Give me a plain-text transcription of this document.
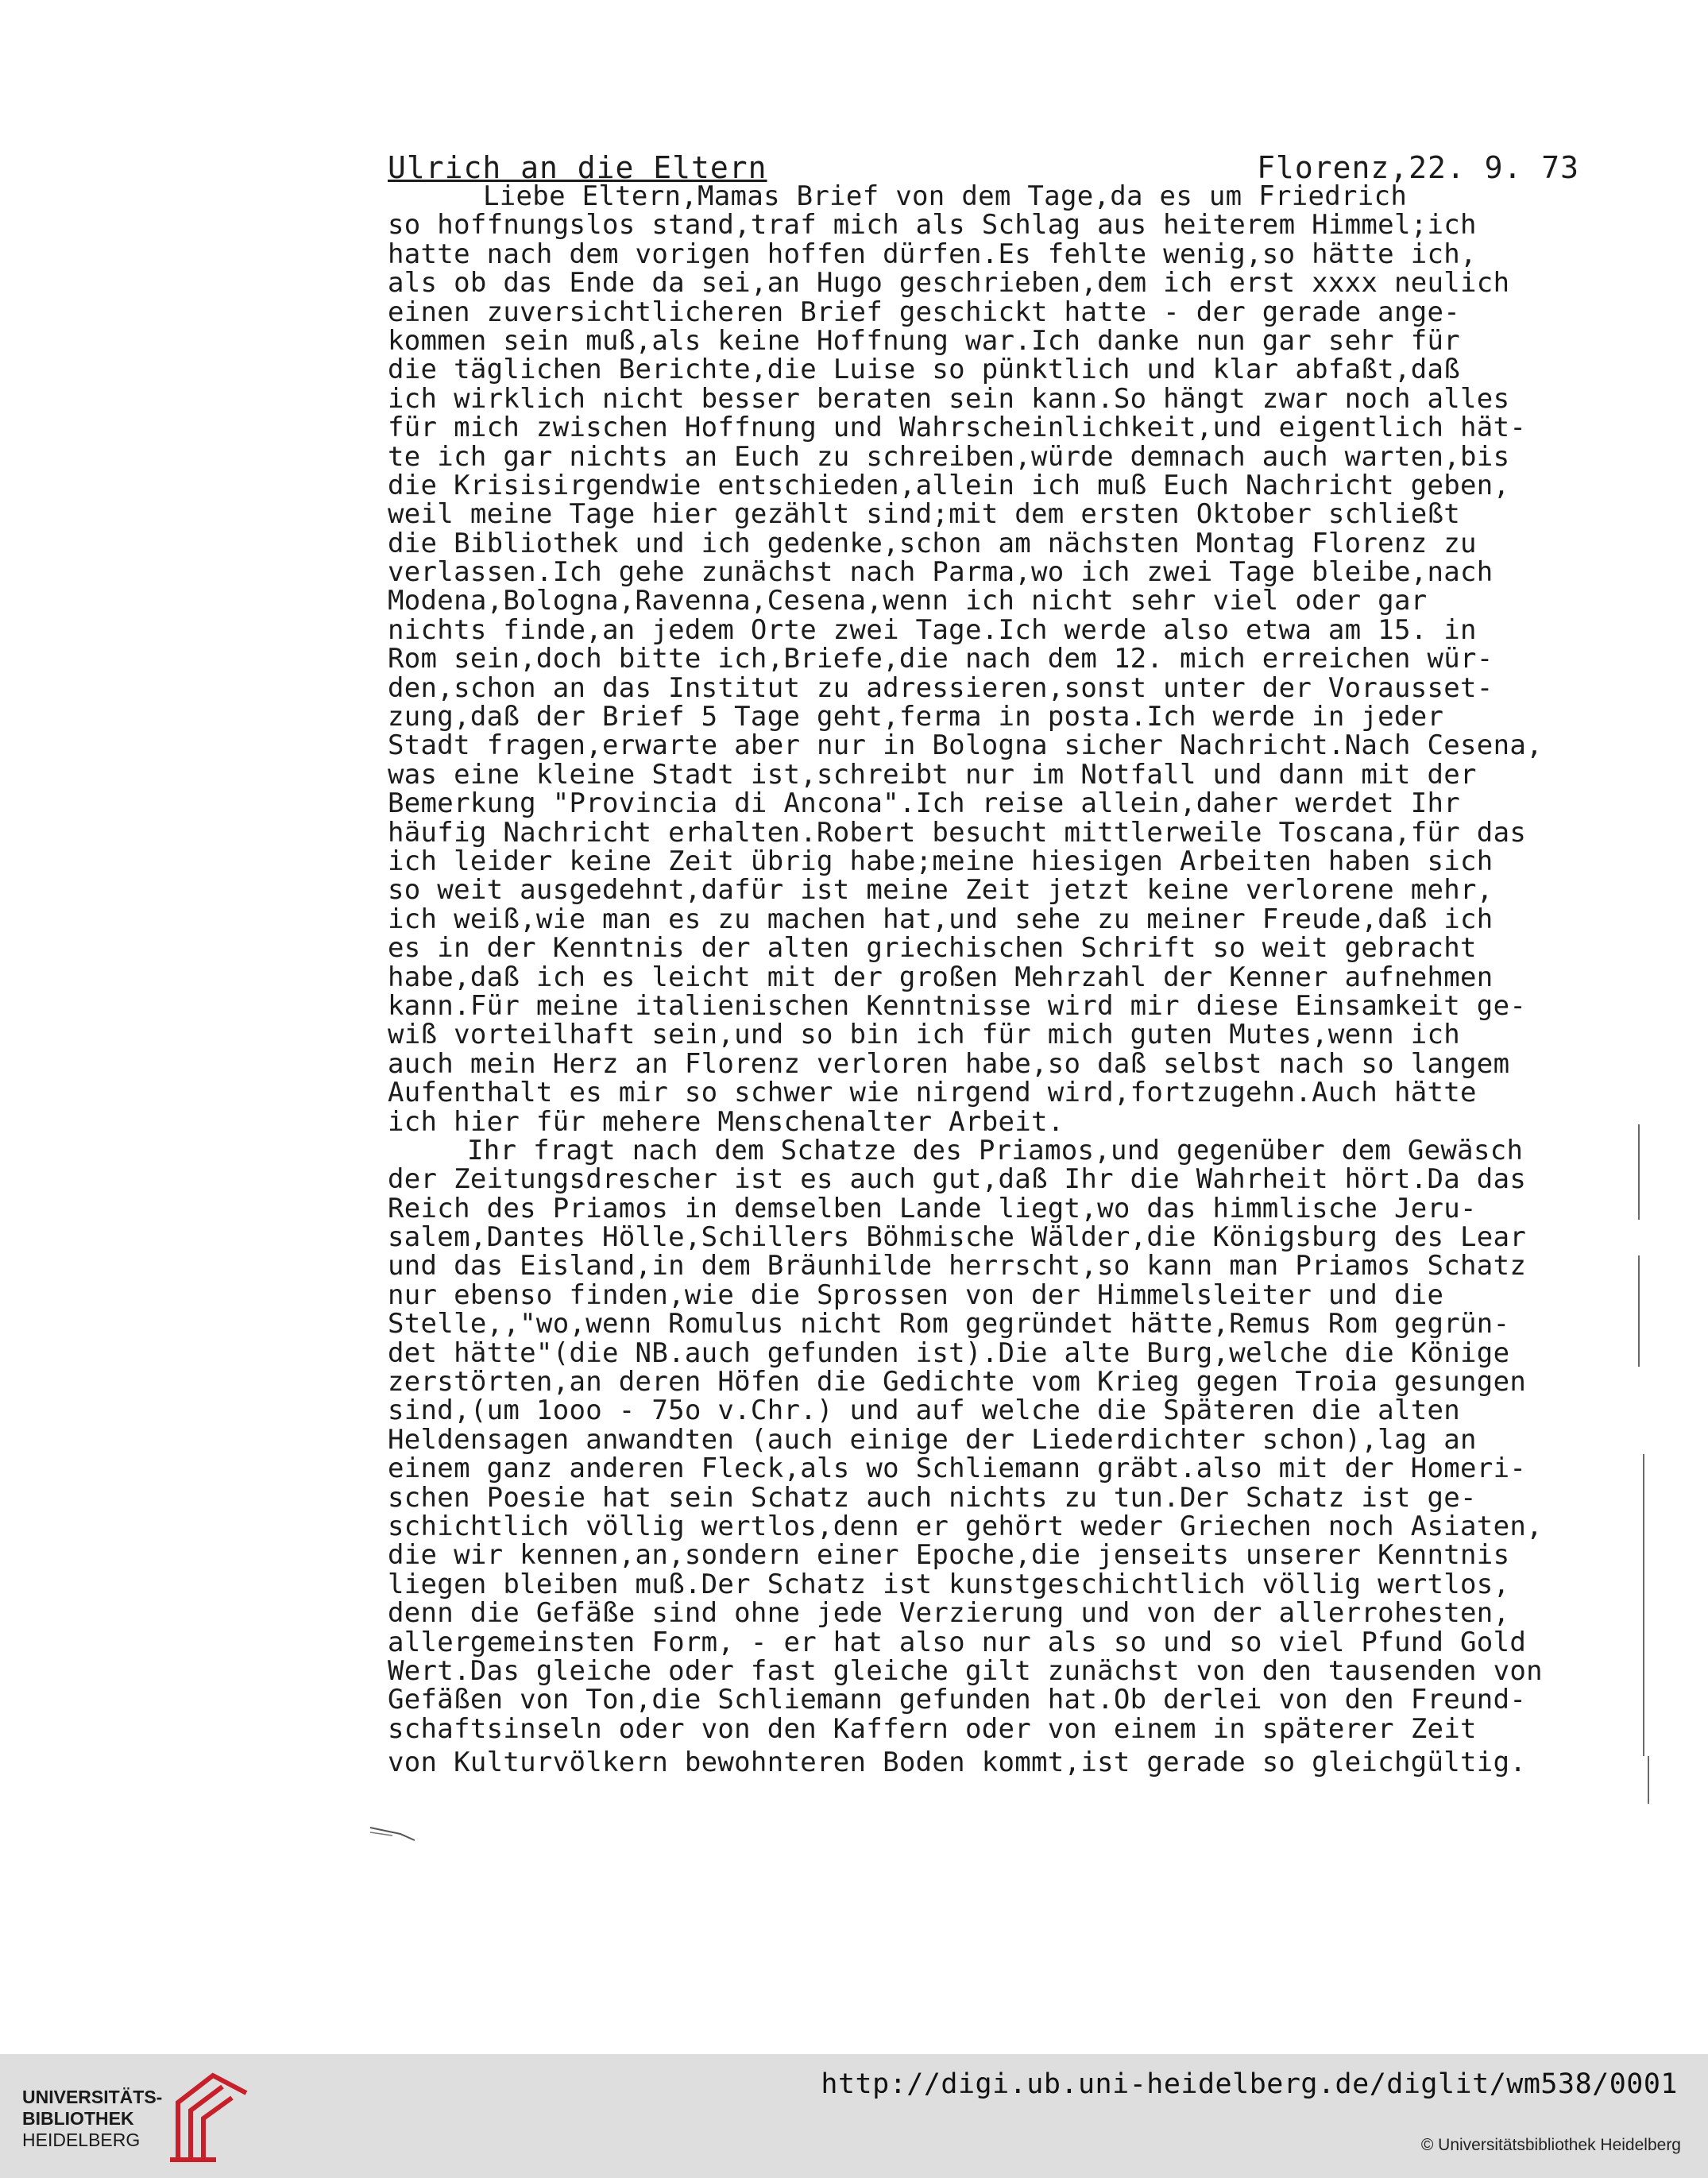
Ulrich an die Eltern	Florenz,22. 9. 73
Liebe Eltern,Mamas Brief von dem Tage,da es um Friedrich
so hoffnungslos stand,traf mich als Schlag aus heiterem Himmel;ich
hatte nach dem vorigen hoffen dürfen.Es fehlte wenig,so hätte ich,
als ob das Ende da sei,an Hugo geschrieben,dem ich erst xxxx neulich
einen zuversichtlicheren Brief geschickt hatte - der gerade ange-
kommen sein muß,als keine Hoffnung war.Ich danke nun gar sehr für
die täglichen Berichte,die Luise so pünktlich und klar abfaßt,daß
ich wirklich nicht besser beraten sein kann.So hängt zwar noch alles
für mich zwischen Hoffnung und Wahrscheinlichkeit,und eigentlich hät-
te ich gar nichts an Euch zu schreiben,würde demnach auch warten,bis
die Krisisirgendwie entschieden,allein ich muß Euch Nachricht geben,
weil meine Tage hier gezählt sind;mit dem ersten Oktober schließt
die Bibliothek und ich gedenke,schon am nächsten Montag Florenz zu
verlassen.Ich gehe zunächst nach Parma,wo ich zwei Tage bleibe,nach
Modena,Bologna,Ravenna,Cesena,wenn ich nicht sehr viel oder gar
nichts finde,an jedem Orte zwei Tage.Ich werde also etwa am 15. in
Rom sein,doch bitte ich,Briefe,die nach dem 12. mich erreichen wür-
den,schon an das Institut zu adressieren,sonst unter der Vorausset-
zung,daß der Brief 5 Tage geht,ferma in posta.Ich werde in jeder
Stadt fragen,erwarte aber nur in Bologna sicher Nachricht.Nach Cesena,
was eine kleine Stadt ist,schreibt nur im Notfall und dann mit der
Bemerkung "Provincia di Ancona".Ich reise allein,daher werdet Ihr
häufig Nachricht erhalten.Robert besucht mittlerweile Toscana,für das
ich leider keine Zeit übrig habe;meine hiesigen Arbeiten haben sich
so weit ausgedehnt,dafür ist meine Zeit jetzt keine verlorene mehr,
ich weiß,wie man es zu machen hat,und sehe zu meiner Freude,daß ich
es in der Kenntnis der alten griechischen Schrift so weit gebracht
habe,daß ich es leicht mit der großen Mehrzahl der Kenner aufnehmen
kann.Für meine italienischen Kenntnisse wird mir diese Einsamkeit ge-
wiß vorteilhaft sein,und so bin ich für mich guten Mutes,wenn ich
auch mein Herz an Florenz verloren habe,so daß selbst nach so langem
Aufenthalt es mir so schwer wie nirgend wird,fortzugehn.Auch hätte
ich hier für mehere Menschenalter Arbeit.
Ihr fragt nach dem Schatze des Priamos,und gegenüber dem Gewäsch
der Zeitungsdrescher ist es auch gut,daß Ihr die Wahrheit hört.Da das
Reich des Priamos in demselben Lande liegt,wo das himmlische Jeru-
salem,Dantes Hölle,Schillers Böhmische Wälder,die Königsburg des Lear
und das Eisland,in dem Bräunhilde herrscht,so kann man Priamos Schatz
nur ebenso finden,wie die Sprossen von der Himmelsleiter und die
Stelle,,"wo,wenn Romulus nicht Rom gegründet hätte,Remus Rom gegrün-
det hätte"(die NB.auch gefunden ist).Die alte Burg,welche die Könige
zerstörten,an deren Höfen die Gedichte vom Krieg gegen Troia gesungen
sind,(um 1ooo - 75o v.Chr.) und auf welche die Späteren die alten
Heldensagen anwandten (auch einige der Liederdichter schon),lag an
einem ganz anderen Fleck,als wo Schliemann gräbt.also mit der Homeri-
schen Poesie hat sein Schatz auch nichts zu tun.Der Schatz ist ge-
schichtlich völlig wertlos,denn er gehört weder Griechen noch Asiaten,
die wir kennen,an,sondern einer Epoche,die jenseits unserer Kenntnis
liegen bleiben muß.Der Schatz ist kunstgeschichtlich völlig wertlos,
denn die Gefäße sind ohne jede Verzierung und von der allerrohesten,
allergemeinsten Form, - er hat also nur als so und so viel Pfund Gold
Wert.Das gleiche oder fast gleiche gilt zunächst von den tausenden von
Gefäßen von Ton,die Schliemann gefunden hat.Ob derlei von den Freund-
schaftsinseln oder von den Kaffern oder von einem in späterer Zeit
von Kulturvölkern bewohnteren Boden kommt,ist gerade so gleichgültig.
UNIVERSITÄTS-
BIBLIOTHEK
HEIDELBERG
http://digi.ub.uni-heidelberg.de/diglit/wm538/0001
© Universitätsbibliothek Heidelberg
